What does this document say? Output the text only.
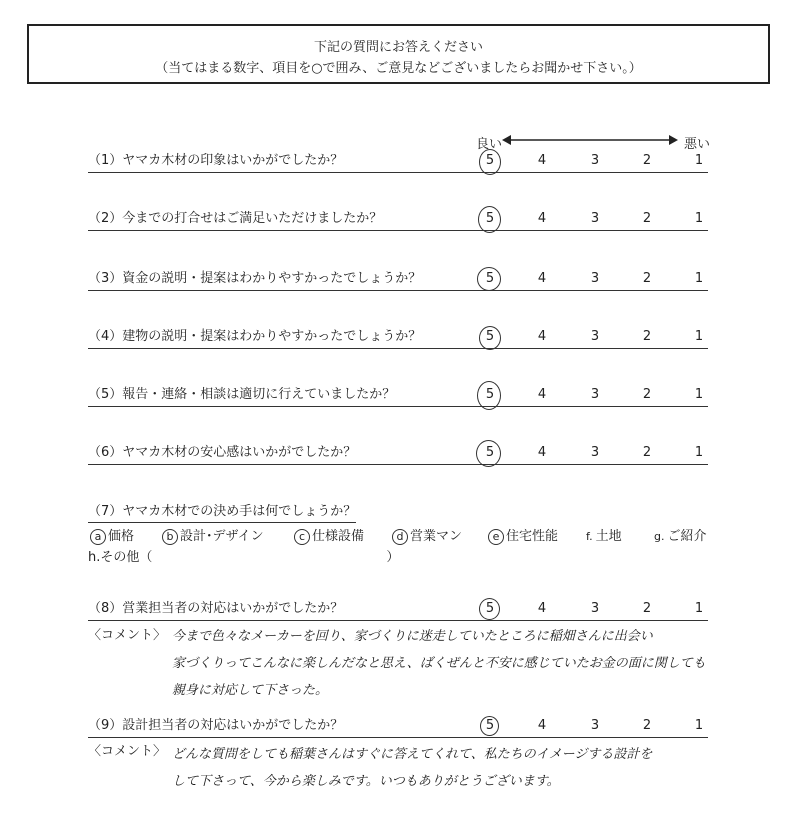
下記の質問にお答えください
（当てはまる数字、項目を○で囲み、ご意見などございましたらお聞かせ下さい。）
良い	悪い
（1）ヤマカ木材の印象はいかがでしたか？	5	4	3	2	1
（2）今までの打合せはご満足いただけましたか？	5	4	3	2	1
（3）資金の説明・提案はわかりやすかったでしょうか？	5	4	3	2	1
（4）建物の説明・提案はわかりやすかったでしょうか？	5	4	3	2	1
（5）報告・連絡・相談は適切に行えていましたか？	5	4	3	2	1
（6）ヤマカ木材の安心感はいかがでしたか？	5	4	3	2	1
（7）ヤマカ木材での決め手は何でしょうか？
a 価格	b 設計･デザイン	c 仕様設備	d 営業マン	e 住宅性能	f. 土地	g. ご紹介
h.その他（　　　　　　　　　　　　　　　　　　）
（8）営業担当者の対応はいかがでしたか？	5	4	3	2	1
〈コメント〉 今まで色々なメーカーを回り、家づくりに迷走していたところに稲畑さんに出会い
家づくりってこんなに楽しんだなと思え、ばくぜんと不安に感じていたお金の面に関しても
親身に対応して下さった。
（9）設計担当者の対応はいかがでしたか？	5	4	3	2	1
〈コメント〉 どんな質問をしても稲葉さんはすぐに答えてくれて、私たちのイメージする設計を
して下さって、今から楽しみです。いつもありがとうございます。
